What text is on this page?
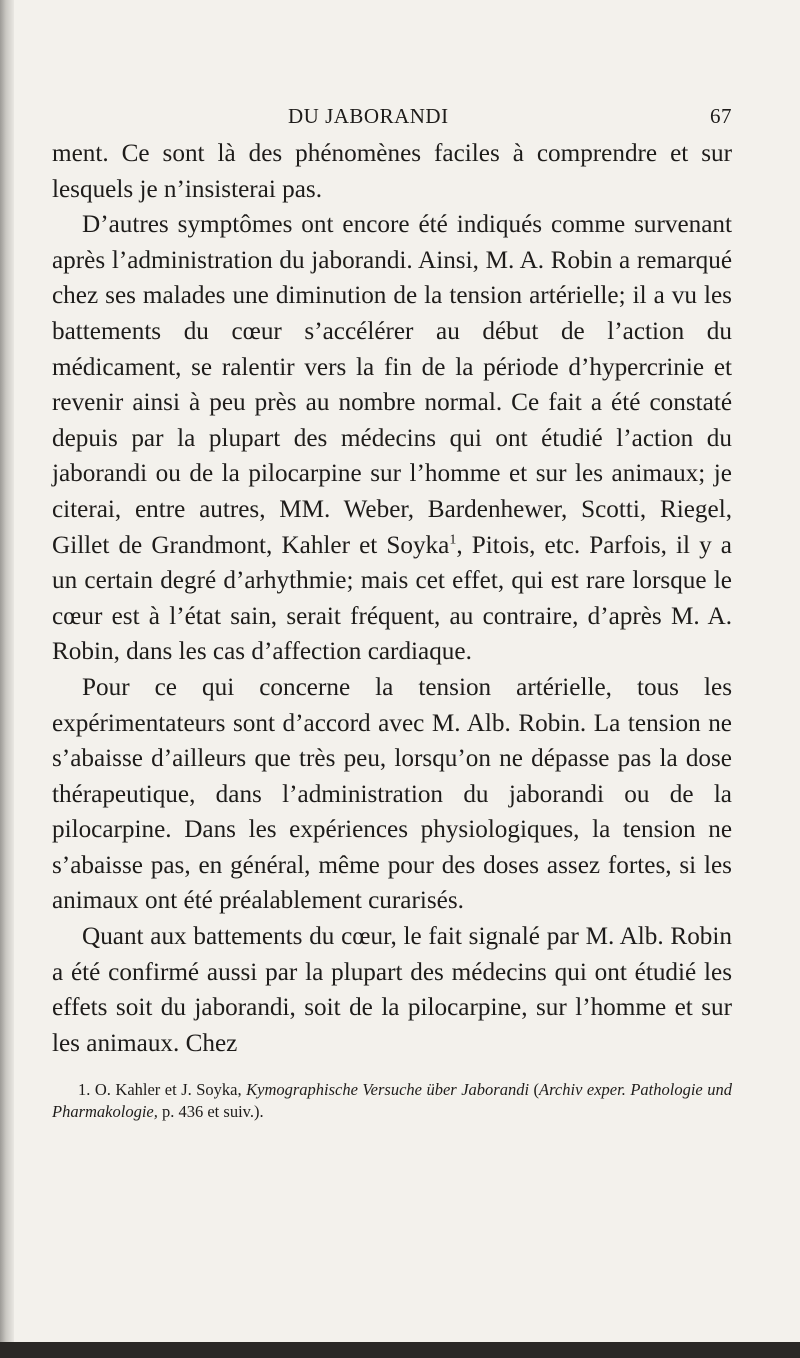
DU JABORANDI	67

ment. Ce sont là des phénomènes faciles à comprendre et sur lesquels je n’insisterai pas.

D’autres symptômes ont encore été indiqués comme survenant après l’administration du jaborandi. Ainsi, M. A. Robin a remarqué chez ses malades une diminution de la tension artérielle; il a vu les battements du cœur s’accélérer au début de l’action du médicament, se ralentir vers la fin de la période d’hypercrinie et revenir ainsi à peu près au nombre normal. Ce fait a été constaté depuis par la plupart des médecins qui ont étudié l’action du jaborandi ou de la pilocarpine sur l’homme et sur les animaux; je citerai, entre autres, MM. Weber, Bardenhewer, Scotti, Riegel, Gillet de Grandmont, Kahler et Soyka$^1$, Pitois, etc. Parfois, il y a un certain degré d’arhythmie; mais cet effet, qui est rare lorsque le cœur est à l’état sain, serait fréquent, au contraire, d’après M. A. Robin, dans les cas d’affection cardiaque.

Pour ce qui concerne la tension artérielle, tous les expérimentateurs sont d’accord avec M. Alb. Robin. La tension ne s’abaisse d’ailleurs que très peu, lorsqu’on ne dépasse pas la dose thérapeutique, dans l’administration du jaborandi ou de la pilocarpine. Dans les expériences physiologiques, la tension ne s’abaisse pas, en général, même pour des doses assez fortes, si les animaux ont été préalablement curarisés.

Quant aux battements du cœur, le fait signalé par M. Alb. Robin a été confirmé aussi par la plupart des médecins qui ont étudié les effets soit du jaborandi, soit de la pilocarpine, sur l’homme et sur les animaux. Chez

1. O. Kahler et J. Soyka, Kymographische Versuche über Jaborandi (Archiv exper. Pathologie und Pharmakologie, p. 436 et suiv.).
